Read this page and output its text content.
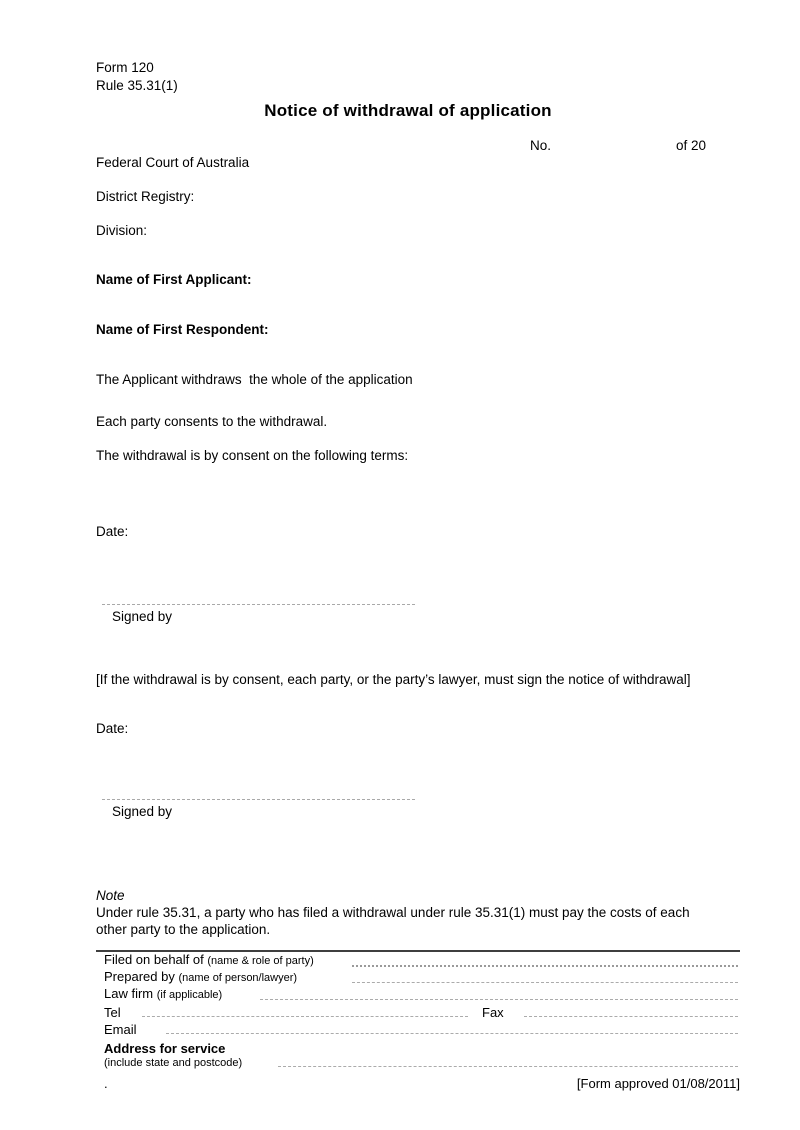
Form 120
Rule 35.31(1)
Notice of withdrawal of application
No.	of 20
Federal Court of Australia
District Registry:
Division:
Name of First Applicant:
Name of First Respondent:
The Applicant withdraws  the whole of the application
Each party consents to the withdrawal.
The withdrawal is by consent on the following terms:
Date:
Signed by
[If the withdrawal is by consent, each party, or the party’s lawyer, must sign the notice of withdrawal]
Date:
Signed by
Note
Under rule 35.31, a party who has filed a withdrawal under rule 35.31(1) must pay the costs of each other party to the application.
Filed on behalf of (name & role of party)
Prepared by (name of person/lawyer)
Law firm (if applicable)
Tel	Fax
Email
Address for service
(include state and postcode)
.	[Form approved 01/08/2011]
